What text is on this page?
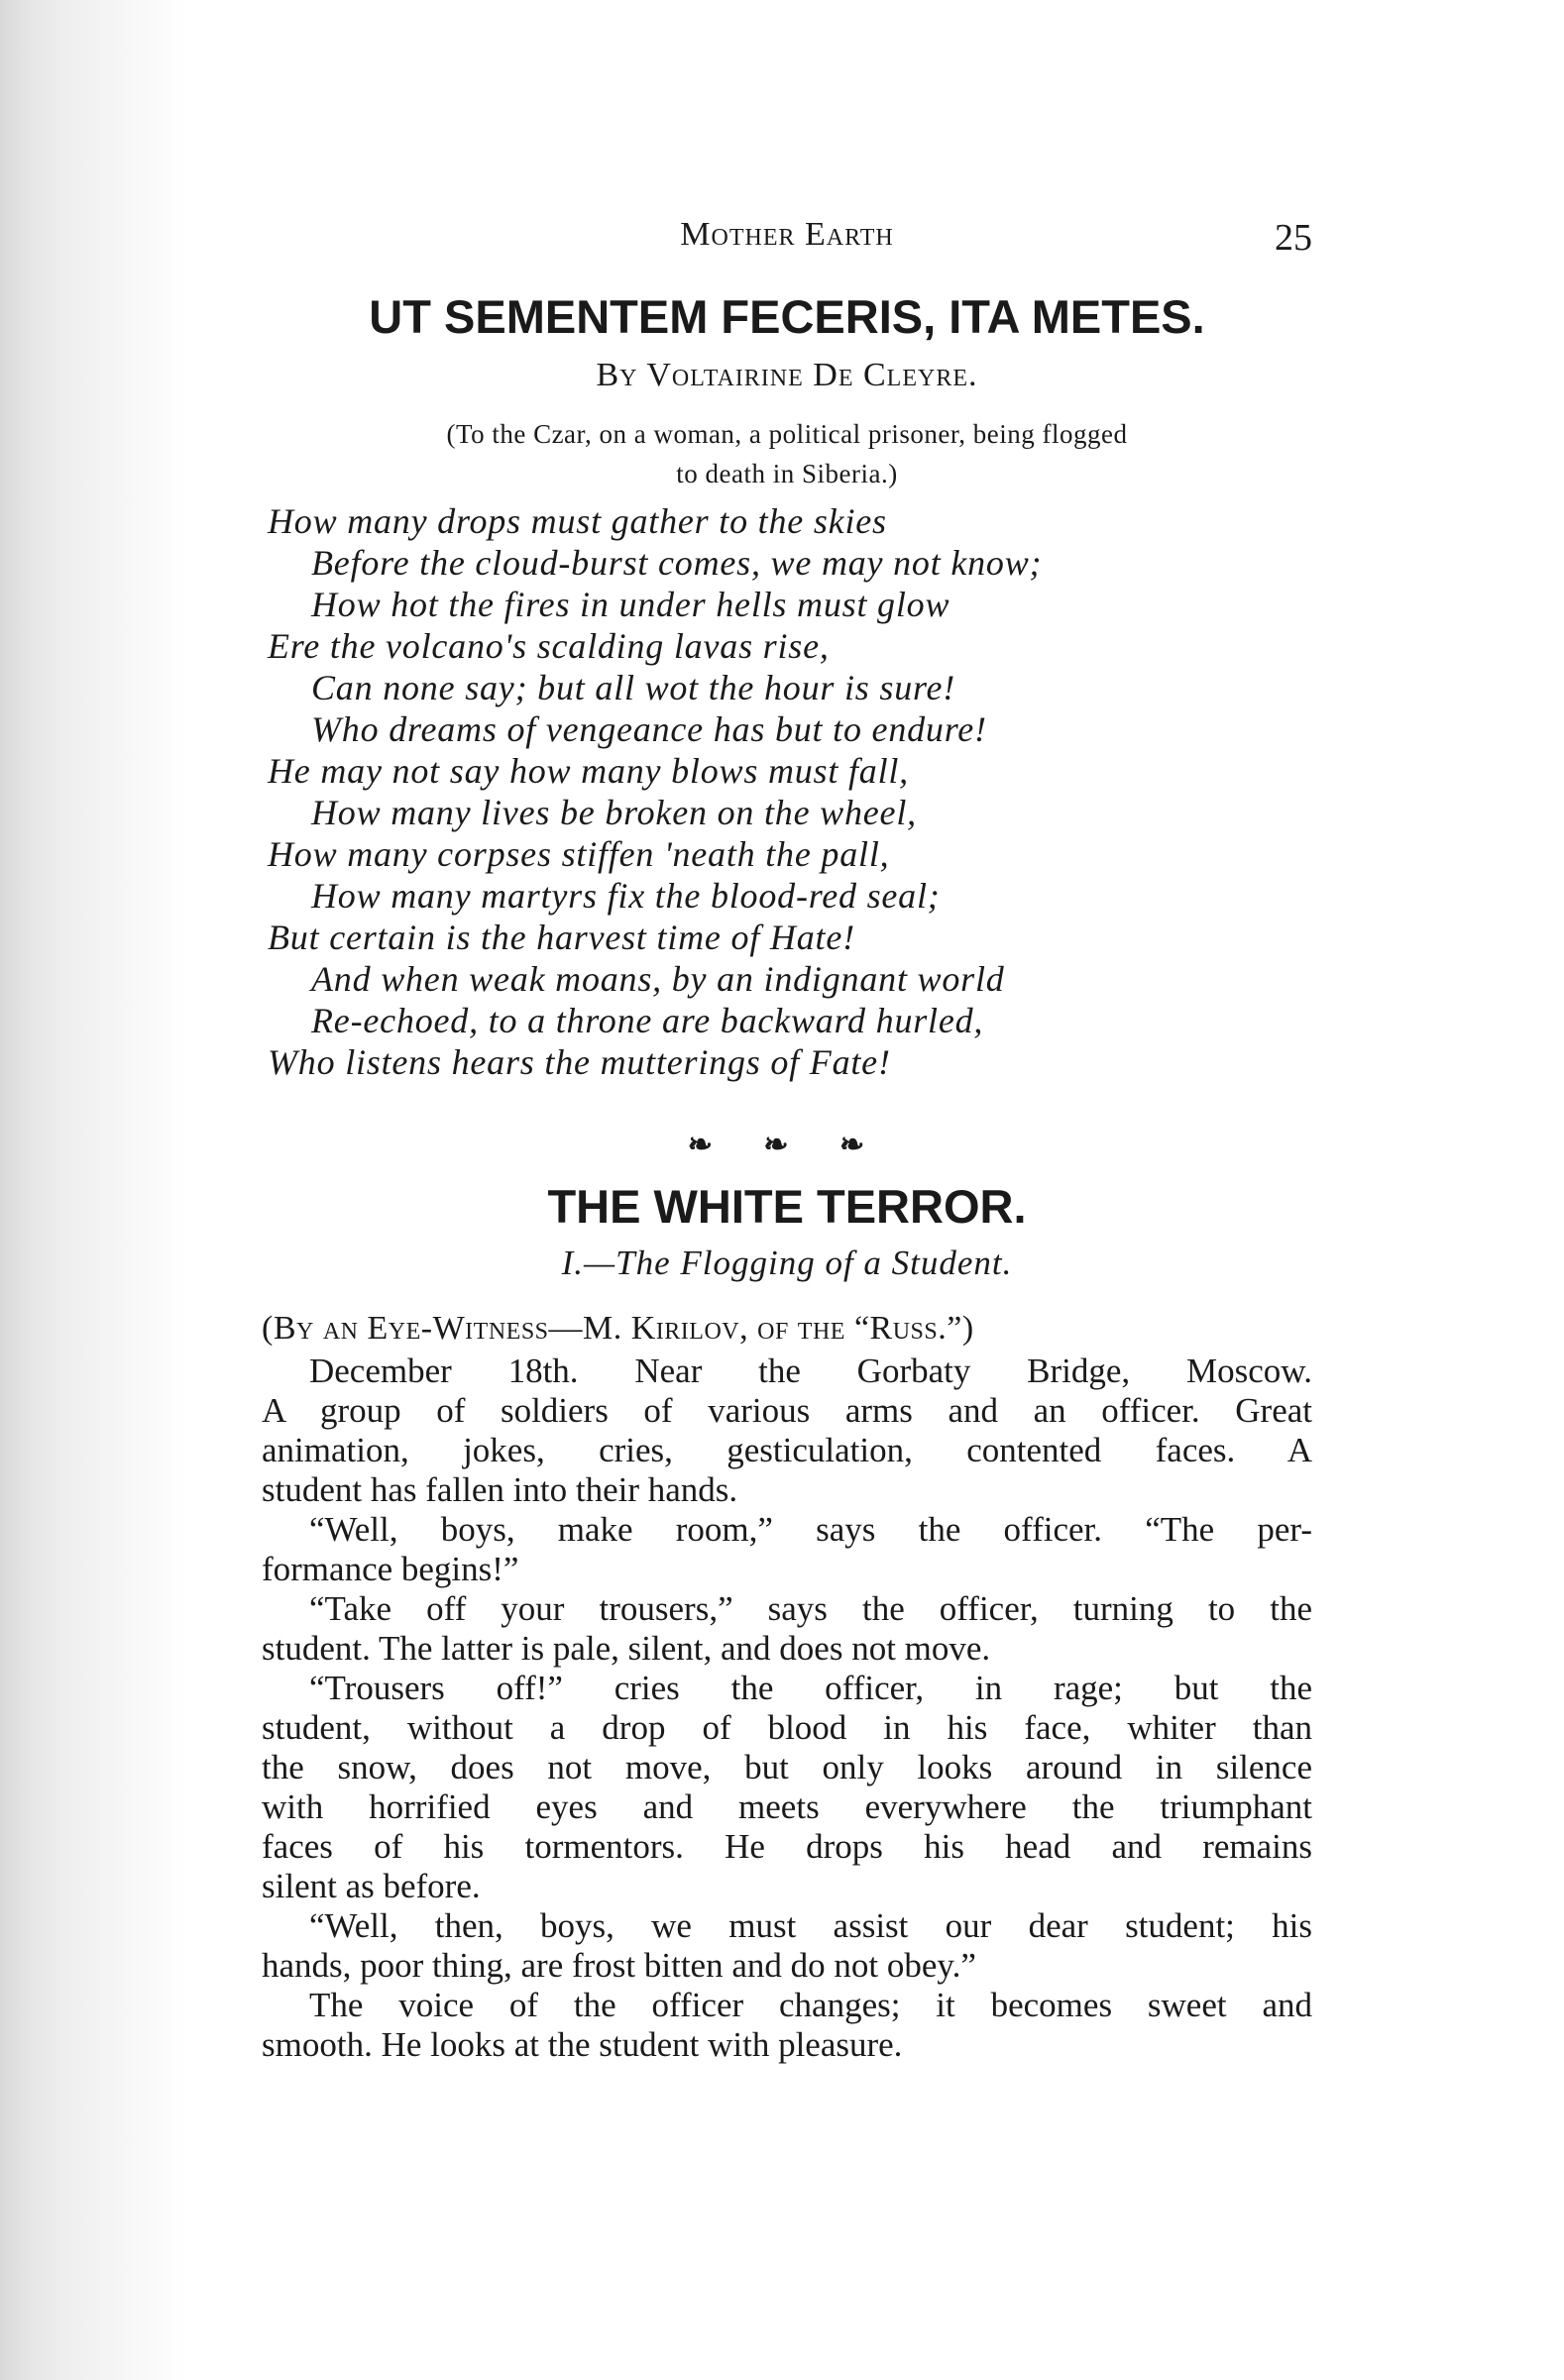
Mother Earth	25
UT SEMENTEM FECERIS, ITA METES.
By Voltairine De Cleyre.
(To the Czar, on a woman, a political prisoner, being flogged
to death in Siberia.)
How many drops must gather to the skies
Before the cloud-burst comes, we may not know;
How hot the fires in under hells must glow
Ere the volcano's scalding lavas rise,
Can none say; but all wot the hour is sure!
Who dreams of vengeance has but to endure!
He may not say how many blows must fall,
How many lives be broken on the wheel,
How many corpses stiffen 'neath the pall,
How many martyrs fix the blood-red seal;
But certain is the harvest time of Hate!
And when weak moans, by an indignant world
Re-echoed, to a throne are backward hurled,
Who listens hears the mutterings of Fate!
❧ ❧ ❧
THE WHITE TERROR.
I.—The Flogging of a Student.
(By an Eye-Witness—M. Kirilov, of the “Russ.”)
December 18th. Near the Gorbaty Bridge, Moscow.
A group of soldiers of various arms and an officer. Great
animation, jokes, cries, gesticulation, contented faces. A
student has fallen into their hands.
“Well, boys, make room,” says the officer. “The per-
formance begins!”
“Take off your trousers,” says the officer, turning to the
student. The latter is pale, silent, and does not move.
“Trousers off!” cries the officer, in rage; but the
student, without a drop of blood in his face, whiter than
the snow, does not move, but only looks around in silence
with horrified eyes and meets everywhere the triumphant
faces of his tormentors. He drops his head and remains
silent as before.
“Well, then, boys, we must assist our dear student; his
hands, poor thing, are frost bitten and do not obey.”
The voice of the officer changes; it becomes sweet and
smooth. He looks at the student with pleasure.
